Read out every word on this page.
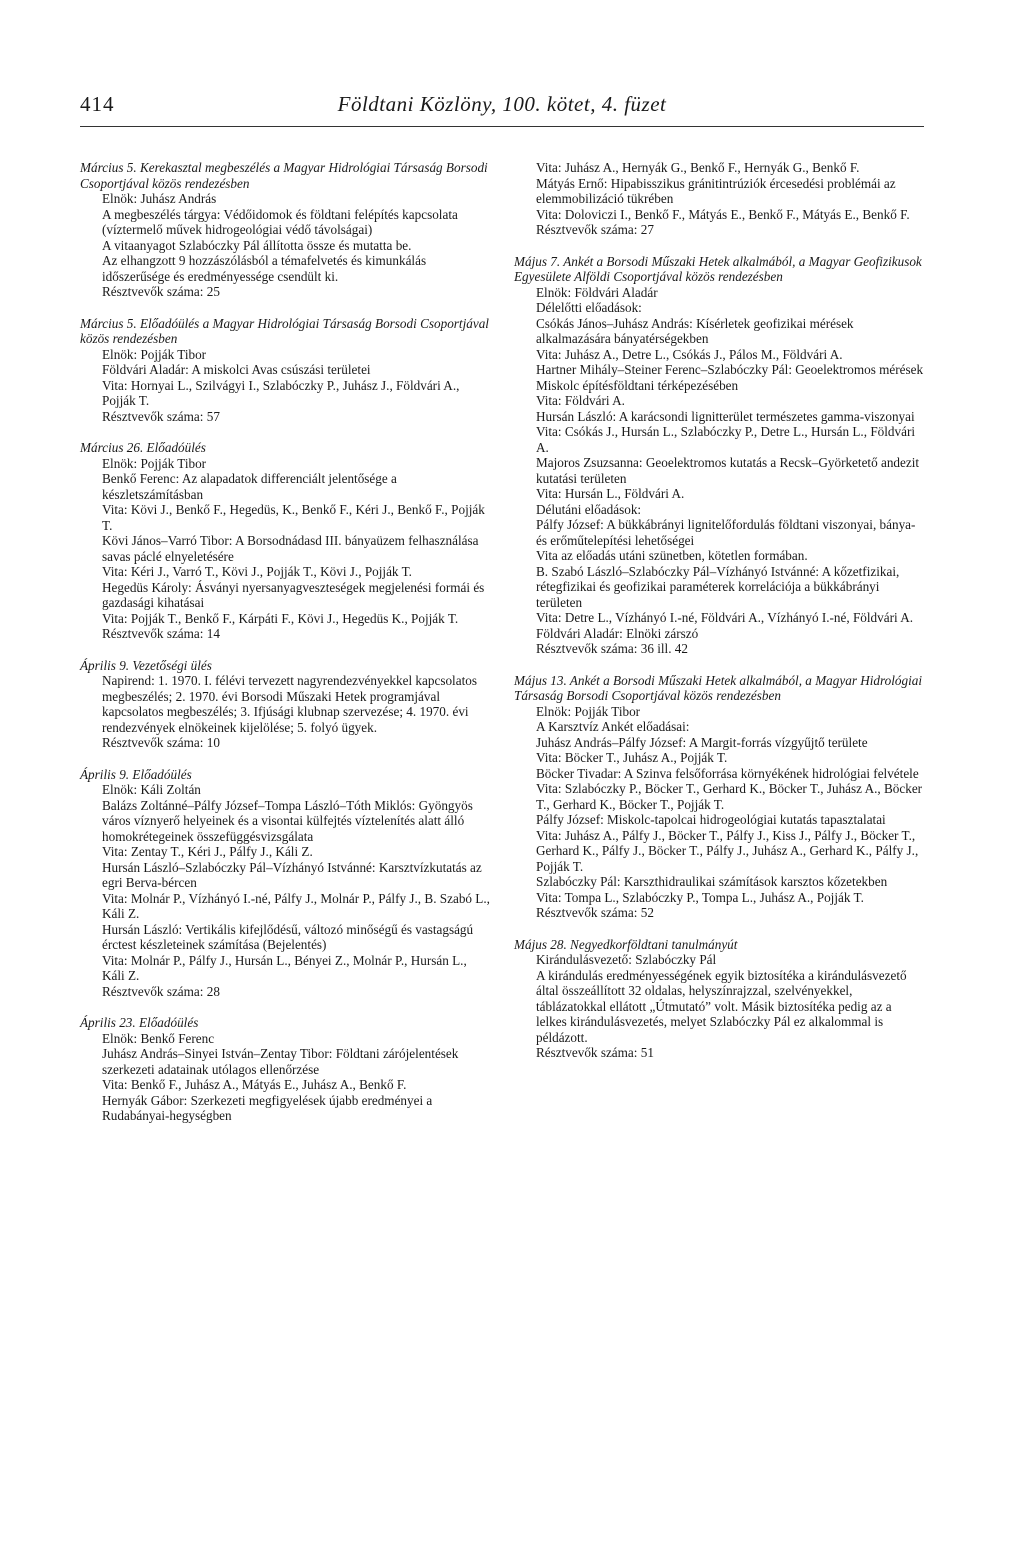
414	Földtani Közlöny, 100. kötet, 4. füzet
Március 5. Kerekasztal megbeszélés a Magyar Hidrológiai Társaság Borsodi Csoportjával közös rendezésben
Elnök: Juhász András
A megbeszélés tárgya: Védőidomok és földtani felépítés kapcsolata (víztermelő művek hidrogeológiai védő távolságai)
A vitaanyagot Szlabóczky Pál állította össze és mutatta be.
Az elhangzott 9 hozzászólásból a témafelvetés és kimunkálás időszerűsége és eredményessége csendült ki.
Résztvevők száma: 25
Március 5. Előadóülés a Magyar Hidrológiai Társaság Borsodi Csoportjával közös rendezésben
Elnök: Pojják Tibor
Földvári Aladár: A miskolci Avas csúszási területei
Vita: Hornyai L., Szilvágyi I., Szlabóczky P., Juhász J., Földvári A., Pojják T.
Résztvevők száma: 57
Március 26. Előadóülés
Elnök: Pojják Tibor
Benkő Ferenc: Az alapadatok differenciált jelentősége a készletszámításban
Vita: Kövi J., Benkő F., Hegedüs, K., Benkő F., Kéri J., Benkő F., Pojják T.
Kövi János–Varró Tibor: A Borsodnádasd III. bányaüzem felhasználása savas páclé elnyeletésére
Vita: Kéri J., Varró T., Kövi J., Pojják T., Kövi J., Pojják T.
Hegedüs Károly: Ásványi nyersanyagveszteségek megjelenési formái és gazdasági kihatásai
Vita: Pojják T., Benkő F., Kárpáti F., Kövi J., Hegedüs K., Pojják T.
Résztvevők száma: 14
Április 9. Vezetőségi ülés
Napirend: 1. 1970. I. félévi tervezett nagyrendezvényekkel kapcsolatos megbeszélés; 2. 1970. évi Borsodi Műszaki Hetek programjával kapcsolatos megbeszélés; 3. Ifjúsági klubnap szervezése; 4. 1970. évi rendezvények elnökeinek kijelölése; 5. folyó ügyek.
Résztvevők száma: 10
Április 9. Előadóülés
Elnök: Káli Zoltán
Balázs Zoltánné–Pálfy József–Tompa László–Tóth Miklós: Gyöngyös város víznyerő helyeinek és a visontai külfejtés víztelenítés alatt álló homokrétegeinek összefüggésvizsgálata
Vita: Zentay T., Kéri J., Pálfy J., Káli Z.
Hursán László–Szlabóczky Pál–Vízhányó Istvánné: Karsztvízkutatás az egri Berva-bércen
Vita: Molnár P., Vízhányó I.-né, Pálfy J., Molnár P., Pálfy J., B. Szabó L., Káli Z.
Hursán László: Vertikális kifejlődésű, változó minőségű és vastagságú érctest készleteinek számítása (Bejelentés)
Vita: Molnár P., Pálfy J., Hursán L., Bényei Z., Molnár P., Hursán L., Káli Z.
Résztvevők száma: 28
Április 23. Előadóülés
Elnök: Benkő Ferenc
Juhász András–Sinyei István–Zentay Tibor: Földtani zárójelentések szerkezeti adatainak utólagos ellenőrzése
Vita: Benkő F., Juhász A., Mátyás E., Juhász A., Benkő F.
Hernyák Gábor: Szerkezeti megfigyelések újabb eredményei a Rudabányai-hegységben
Vita: Juhász A., Hernyák G., Benkő F., Hernyák G., Benkő F.
Mátyás Ernő: Hipabisszikus gránitintrúziók ércesedési problémái az elemmobilizáció tükrében
Vita: Doloviczi I., Benkő F., Mátyás E., Benkő F., Mátyás E., Benkő F.
Résztvevők száma: 27
Május 7. Ankét a Borsodi Műszaki Hetek alkalmából, a Magyar Geofizikusok Egyesülete Alföldi Csoportjával közös rendezésben
Elnök: Földvári Aladár
Délelőtti előadások:
Csókás János–Juhász András: Kísérletek geofizikai mérések alkalmazására bányatérségekben
Vita: Juhász A., Detre L., Csókás J., Pálos M., Földvári A.
Hartner Mihály–Steiner Ferenc–Szlabóczky Pál: Geoelektromos mérések Miskolc építésföldtani térképezésében
Vita: Földvári A.
Hursán László: A karácsondi lignitterület természetes gamma-viszonyai
Vita: Csókás J., Hursán L., Szlabóczky P., Detre L., Hursán L., Földvári A.
Majoros Zsuzsanna: Geoelektromos kutatás a Recsk–Györketető andezit kutatási területen
Vita: Hursán L., Földvári A.
Délutáni előadások:
Pálfy József: A bükkábrányi lignitelőfordulás földtani viszonyai, bánya- és erőműtelepítési lehetőségei
Vita az előadás utáni szünetben, kötetlen formában.
B. Szabó László–Szlabóczky Pál–Vízhányó Istvánné: A kőzetfizikai, rétegfizikai és geofizikai paraméterek korrelációja a bükkábrányi területen
Vita: Detre L., Vízhányó I.-né, Földvári A., Vízhányó I.-né, Földvári A.
Földvári Aladár: Elnöki zárszó
Résztvevők száma: 36 ill. 42
Május 13. Ankét a Borsodi Műszaki Hetek alkalmából, a Magyar Hidrológiai Társaság Borsodi Csoportjával közös rendezésben
Elnök: Pojják Tibor
A Karsztvíz Ankét előadásai:
Juhász András–Pálfy József: A Margit-forrás vízgyűjtő területe
Vita: Böcker T., Juhász A., Pojják T.
Böcker Tivadar: A Szinva felsőforrása környékének hidrológiai felvétele
Vita: Szlabóczky P., Böcker T., Gerhard K., Böcker T., Juhász A., Böcker T., Gerhard K., Böcker T., Pojják T.
Pálfy József: Miskolc-tapolcai hidrogeológiai kutatás tapasztalatai
Vita: Juhász A., Pálfy J., Böcker T., Pálfy J., Kiss J., Pálfy J., Böcker T., Gerhard K., Pálfy J., Böcker T., Pálfy J., Juhász A., Gerhard K., Pálfy J., Pojják T.
Szlabóczky Pál: Karszthidraulikai számítások karsztos kőzetekben
Vita: Tompa L., Szlabóczky P., Tompa L., Juhász A., Pojják T.
Résztvevők száma: 52
Május 28. Negyedkorföldtani tanulmányút
Kirándulásvezető: Szlabóczky Pál
A kirándulás eredményességének egyik biztosítéka a kirándulásvezető által összeállított 32 oldalas, helyszínrajzzal, szelvényekkel, táblázatokkal ellátott „Útmutató” volt. Másik biztosítéka pedig az a lelkes kirándulásvezetés, melyet Szlabóczky Pál ez alkalommal is példázott.
Résztvevők száma: 51
